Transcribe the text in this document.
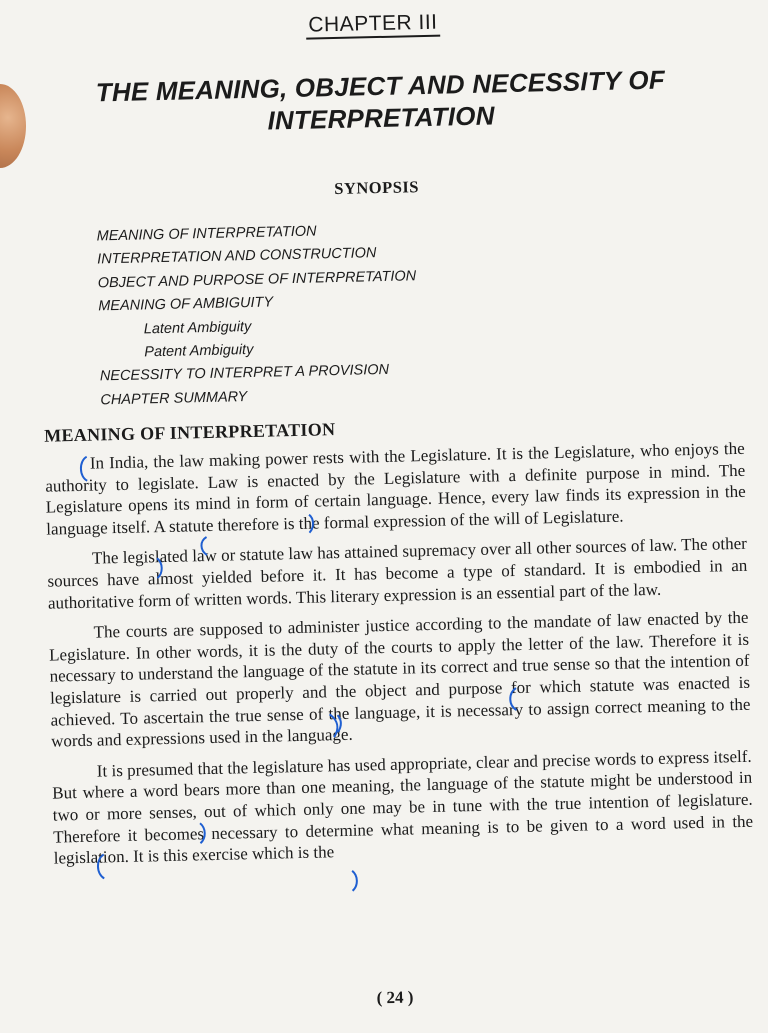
CHAPTER III
THE MEANING, OBJECT AND NECESSITY OF
INTERPRETATION
SYNOPSIS
MEANING OF INTERPRETATION
INTERPRETATION AND CONSTRUCTION
OBJECT AND PURPOSE OF INTERPRETATION
MEANING OF AMBIGUITY
Latent Ambiguity
Patent Ambiguity
NECESSITY TO INTERPRET A PROVISION
CHAPTER SUMMARY
MEANING OF INTERPRETATION

In India, the law making power rests with the Legislature. It is the Legislature, who enjoys the authority to legislate. Law is enacted by the Legislature with a definite purpose in mind. The Legislature opens its mind in form of certain language. Hence, every law finds its expression in the language itself. A statute therefore is the formal expression of the will of Legislature.

The legislated law or statute law has attained supremacy over all other sources of law. The other sources have almost yielded before it. It has become a type of standard. It is embodied in an authoritative form of written words. This literary expression is an essential part of the law.

The courts are supposed to administer justice according to the mandate of law enacted by the Legislature. In other words, it is the duty of the courts to apply the letter of the law. Therefore it is necessary to understand the language of the statute in its correct and true sense so that the intention of legislature is carried out properly and the object and purpose for which statute was enacted is achieved. To ascertain the true sense of the language, it is necessary to assign correct meaning to the words and expressions used in the language.

It is presumed that the legislature has used appropriate, clear and precise words to express itself. But where a word bears more than one meaning, the language of the statute might be understood in two or more senses, out of which only one may be in tune with the true intention of legislature. Therefore it becomes necessary to determine what meaning is to be given to a word used in the legislation. It is this exercise which is the

( 24 )
